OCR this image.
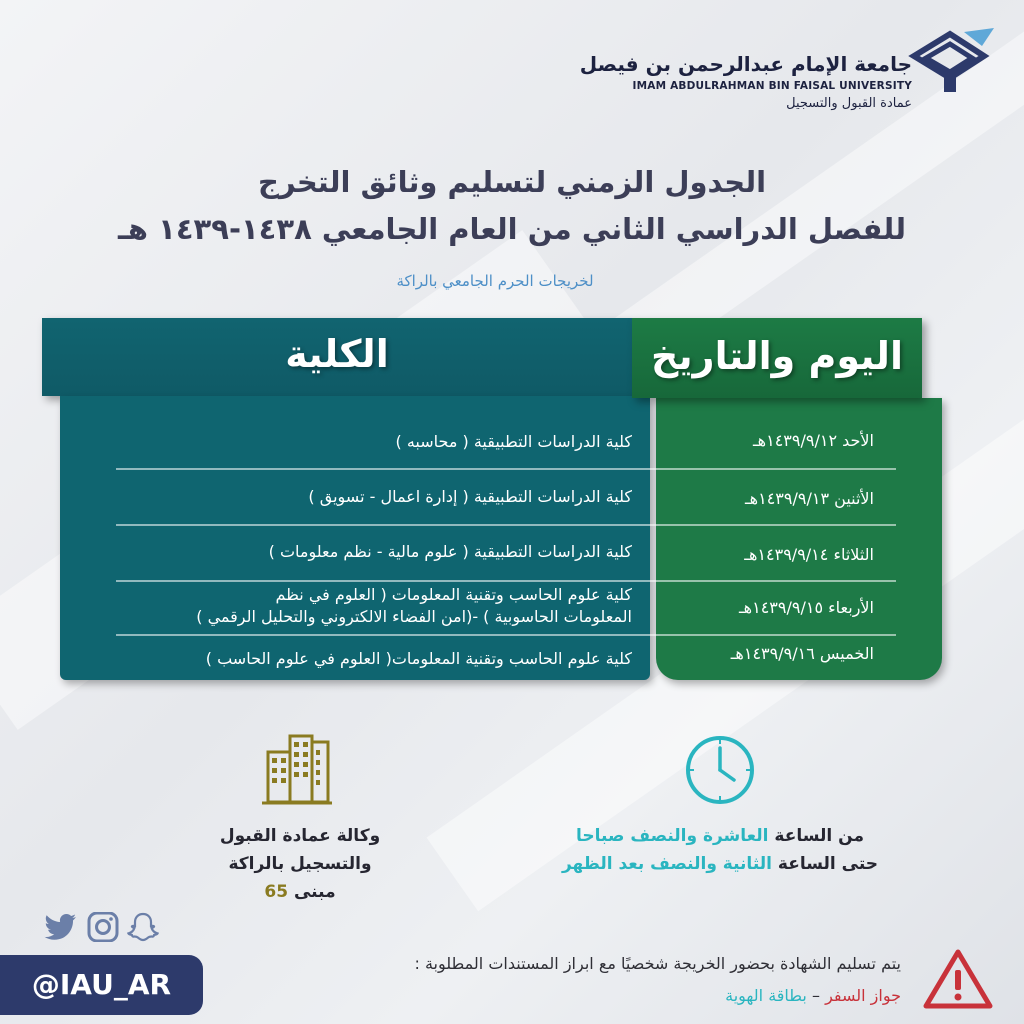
جامعة الإمام عبدالرحمن بن فيصل
IMAM ABDULRAHMAN BIN FAISAL UNIVERSITY
عمادة القبول والتسجيل
الجدول الزمني لتسليم وثائق التخرج
للفصل الدراسي الثاني من العام الجامعي ١٤٣٨-١٤٣٩ هـ
لخريجات الحرم الجامعي بالراكة
الكلية	اليوم والتاريخ
الأحد ١٤٣٩/٩/١٢هـ
كلية الدراسات التطبيقية ( محاسبه )
الأثنين ١٤٣٩/٩/١٣هـ
كلية الدراسات التطبيقية ( إدارة اعمال - تسويق )
الثلاثاء ١٤٣٩/٩/١٤هـ
كلية الدراسات التطبيقية ( علوم مالية - نظم معلومات )
الأربعاء ١٤٣٩/٩/١٥هـ
كلية علوم الحاسب وتقنية المعلومات ( العلوم في نظم
المعلومات الحاسوبية ) -(امن الفضاء الالكتروني والتحليل الرقمي )
الخميس ١٤٣٩/٩/١٦هـ
كلية علوم الحاسب وتقنية المعلومات( العلوم في علوم الحاسب )
من الساعة العاشرة والنصف صباحا
حتى الساعة الثانية والنصف بعد الظهر
وكالة عمادة القبول
والتسجيل بالراكة
مبنى 65
@IAU_AR
يتم تسليم الشهادة بحضور الخريجة شخصيًا مع ابراز المستندات المطلوبة :
جواز السفر – بطاقة الهوية
